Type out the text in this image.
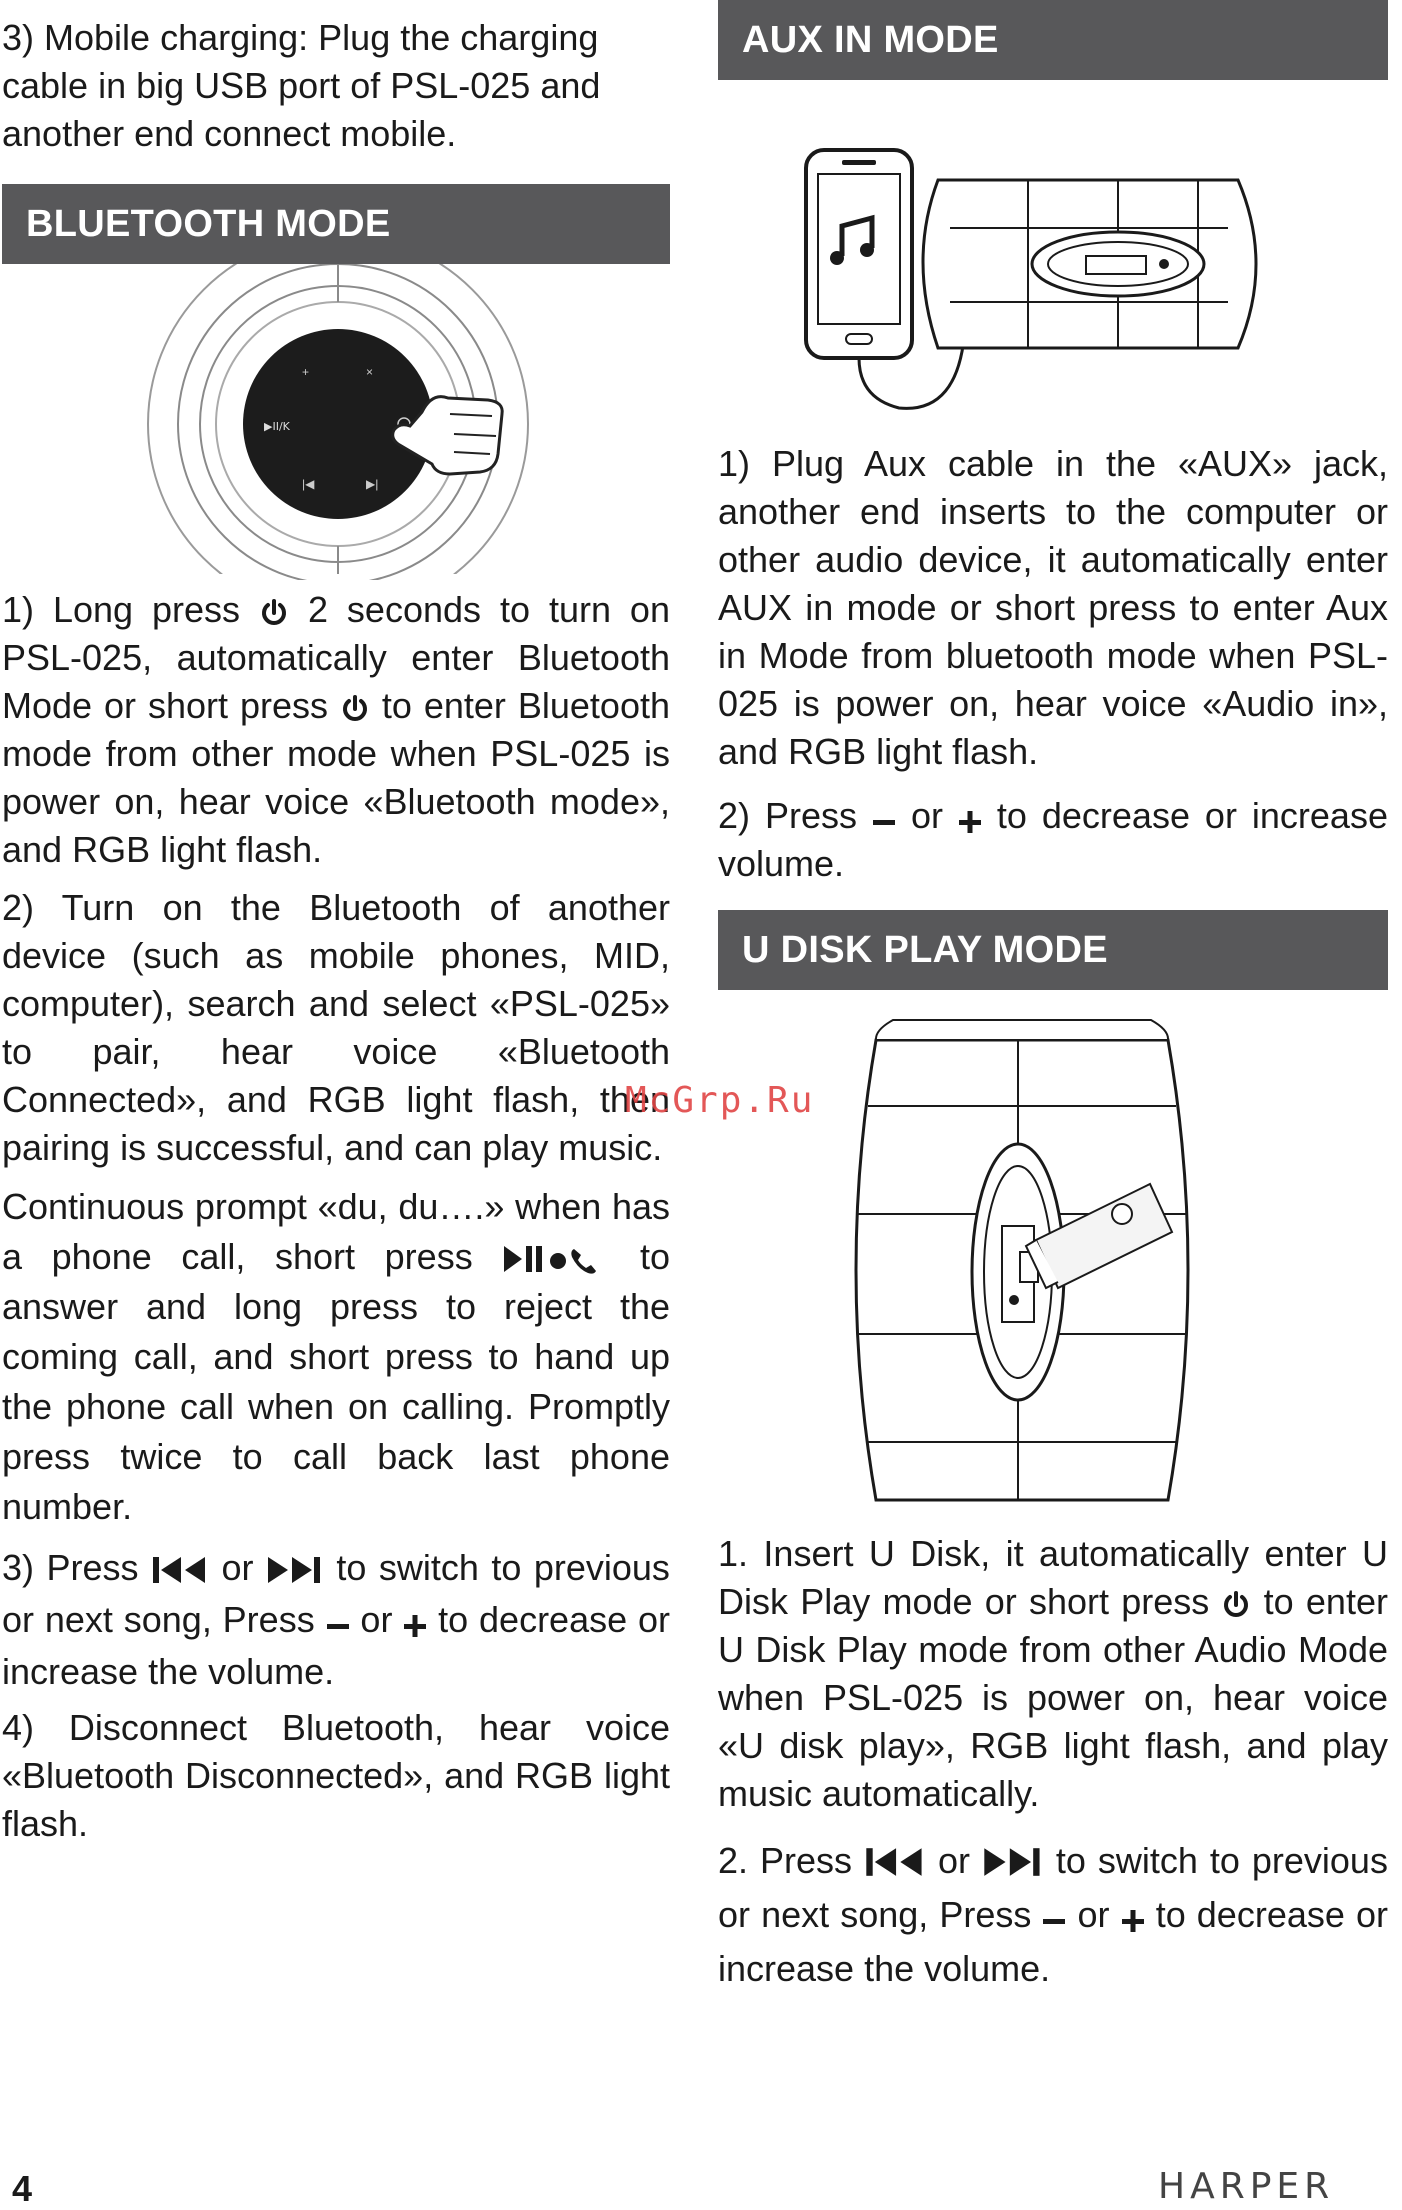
3) Mobile charging: Plug the charging cable in big USB port of PSL-025 and another end connect mobile.

BLUETOOTH MODE
▶II/K
+	×
|◀	▶|

1) Long press 2 seconds to turn on PSL-025, automatically enter Bluetooth Mode or short press to enter Bluetooth mode from other mode when PSL-025 is power on, hear voice «Bluetooth mode», and RGB light flash.

2) Turn on the Bluetooth of another device (such as mobile phones, MID, computer), search and select «PSL-025» to pair, hear voice «Bluetooth Connected», and RGB light flash, then pairing is successful, and can play music.

Continuous prompt «du, du….» when has a phone call, short press	to answer and long press to reject the coming call, and short press to hand up the phone call when on calling. Promptly press twice to call back last phone number.

3) Press or to switch to previous or next song, Press or to decrease or increase the volume.

4) Disconnect Bluetooth, hear voice «Bluetooth Disconnected», and RGB light flash.

AUX IN MODE

1) Plug Aux cable in the «AUX» jack, another end inserts to the computer or other audio device, it automatically enter AUX in mode or short press to enter Aux in Mode from bluetooth mode when PSL-025 is power on, hear voice «Audio in», and RGB light flash.

2) Press or to decrease or increase volume.

U DISK PLAY MODE

1. Insert U Disk, it automatically enter U Disk Play mode or short press to enter U Disk Play mode from other Audio Mode when PSL-025 is power on, hear voice «U disk play», RGB light flash, and play music automatically.

2. Press or to switch to previous or next song, Press or to decrease or increase the volume.

McGrp.Ru
4	HARPER
